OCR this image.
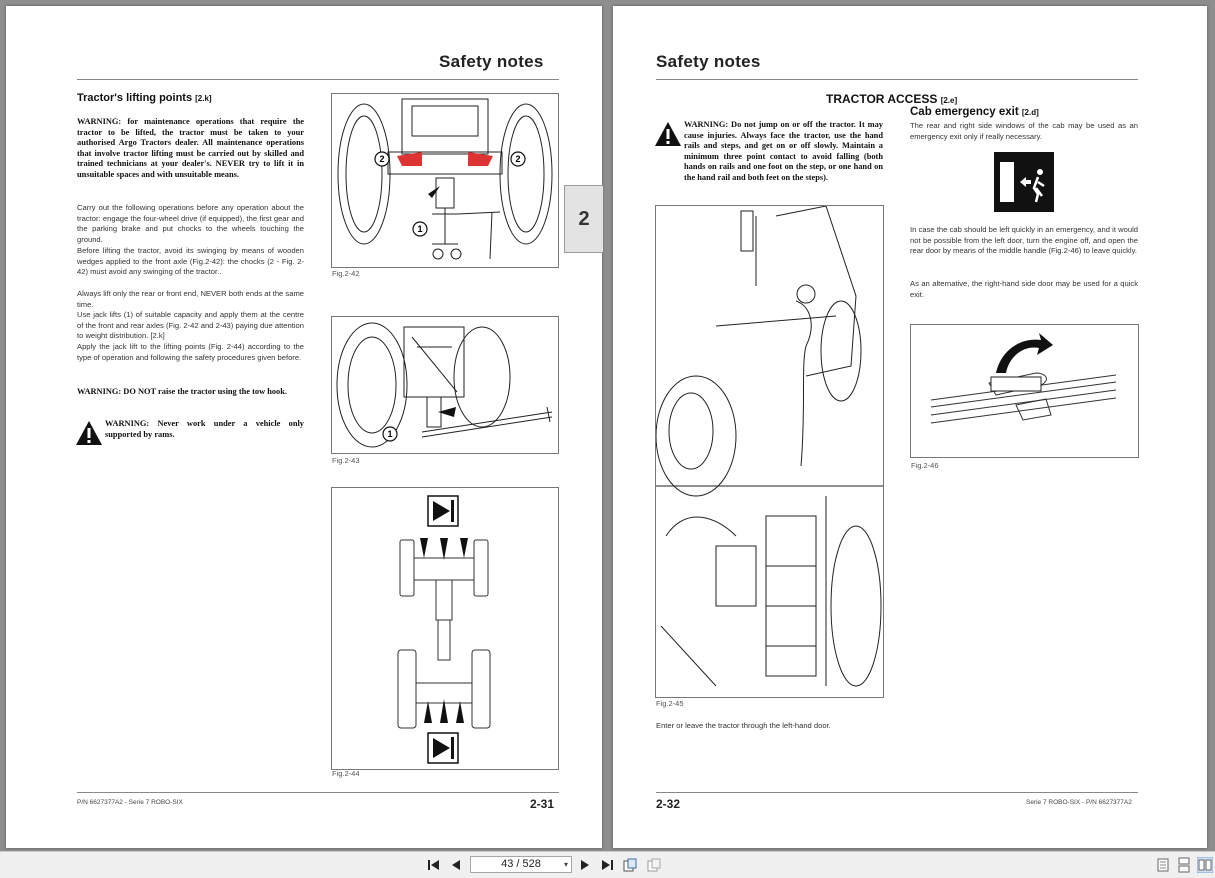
Safety notes
Tractor's lifting points [2.k]
WARNING: for maintenance operations that require the tractor to be lifted, the tractor must be taken to your authorised Argo Tractors dealer. All maintenance operations that involve tractor lifting must be carried out by skilled and trained technicians at your dealer's. NEVER try to lift it in unsuitable spaces and with unsuitable means.
Carry out the following operations before any operation about the tractor: engage the four-wheel drive (if equipped), the first gear and the parking brake and put chocks to the wheels touching the ground.
Before lifting the tractor, avoid its swinging by means of wooden wedges applied to the front axle (Fig.2-42): the chocks (2 - Fig. 2-42) must avoid any swinging of the tractor..
Always lift only the rear or front end, NEVER both ends at the same time.
Use jack lifts (1) of suitable capacity and apply them at the centre of the front and rear axles (Fig. 2-42 and 2-43) paying due attention to weight distribution. [2.k]
Apply the jack lift to the lifting points (Fig. 2-44) according to the type of operation and following the safety procedures given before.
WARNING: DO NOT raise the tractor using the tow hook.
WARNING: Never work under a vehicle only supported by rams.
2	2
1
Fig.2-42
1
Fig.2-43
Fig.2-44
P/N 6627377A2 - Serie 7 ROBO-SIX	2-31
2
Safety notes
TRACTOR ACCESS [2.e]
Cab emergency exit [2.d]
The rear and right side windows of the cab may be used as an emergency exit only if really necessary.
WARNING: Do not jump on or off the tractor. It may cause injuries. Always face the tractor, use the hand rails and steps, and get on or off slowly. Maintain a minimum three point contact to avoid falling (both hands on rails and one foot on the step, or one hand on the hand rail and both feet on the steps).
In case the cab should be left quickly in an emergency, and it would not be possible from the left door, turn the engine off, and open the rear door by means of the middle handle (Fig.2-46) to leave quickly.
As an alternative, the right-hand side door may be used for a quick exit.
Fig.2-45
Enter or leave the tractor through the left-hand door.
Fig.2-46
2-32	Serie 7 ROBO-SIX - P/N 6627377A2
43 / 528	▾
